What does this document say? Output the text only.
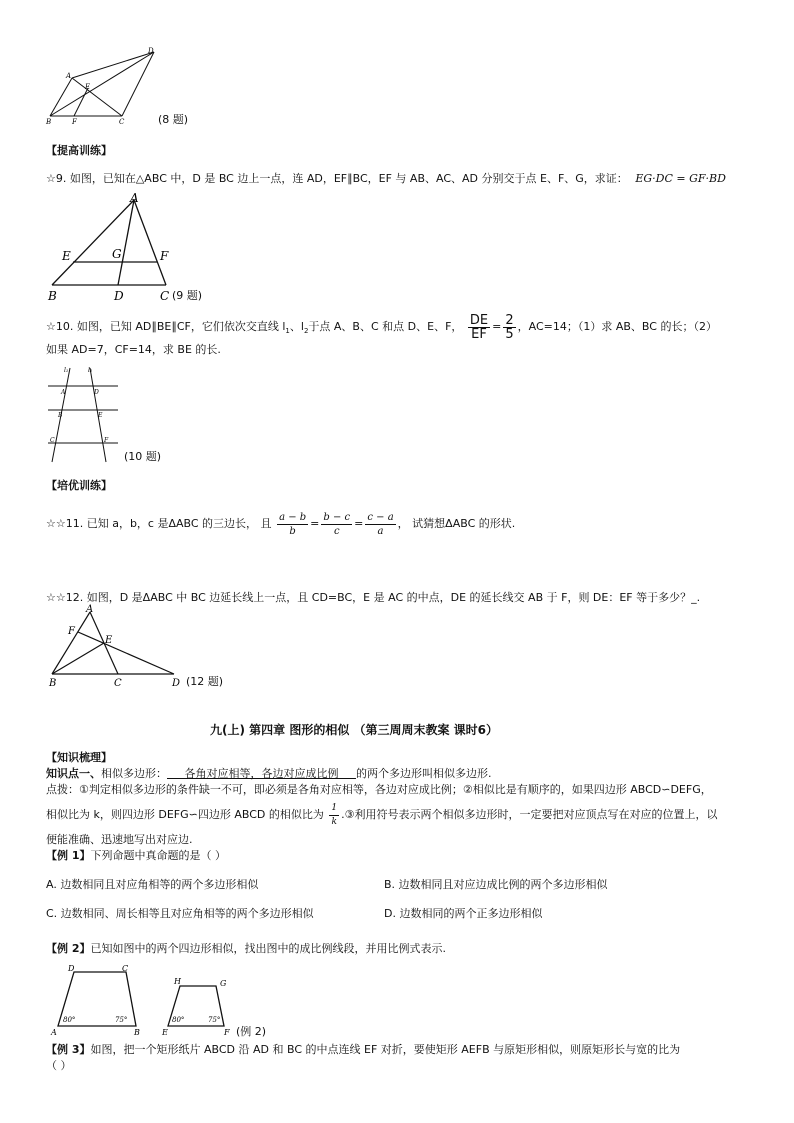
A
D
E
B	F	C	(8 题)
【提高训练】
☆9. 如图，已知在△ABC 中，D 是 BC 边上一点，连 AD，EF∥BC，EF 与 AB、AC、AD 分别交于点 E、F、G，求证： EG·DC = GF·BD
A
E	G	F
B	D	C (9 题)
☆10. 如图，已知 AD∥BE∥CF，它们依次交直线 $l_1$、$l_2$于点 A、B、C 和点 D、E、F， $\frac{DE}{EF} = \frac{2}{5}$ ，AC=14；（1）求 AB、BC 的长；（2）
如果 AD=7，CF=14，求 BE 的长.
l₁	l₂
A	D
B	E
C	F
(10 题)
【培优训练】
☆☆11. 已知 a，b，c 是ΔABC 的三边长， 且 $\frac{a - b}{b} = \frac{b - c}{c} = \frac{c - a}{a}$ ， 试猜想ΔABC 的形状.
☆☆12. 如图，D 是ΔABC 中 BC 边延长线上一点，且 CD=BC，E 是 AC 的中点，DE 的延长线交 AB 于 F，则 DE：EF 等于多少？_.
A
F
E
B	C	D (12 题)
九(上) 第四章 图形的相似 （第三周周末教案 课时6）
【知识梳理】
知识点一、相似多边形：     各角对应相等，各边对应成比例     的两个多边形叫相似多边形.
点拨：①判定相似多边形的条件缺一不可，即必须是各角对应相等，各边对应成比例；②相似比是有顺序的，如果四边形 ABCD∽DEFG，
相似比为 k，则四边形 DEFG∽四边形 ABCD 的相似比为 $\frac{1}{k}$ .③利用符号表示两个相似多边形时，一定要把对应顶点写在对应的位置上，以
便能准确、迅速地写出对应边.
【例 1】下列命题中真命题的是（ ）
A. 边数相同且对应角相等的两个多边形相似	B. 边数相同且对应边成比例的两个多边形相似
C. 边数相同、周长相等且对应角相等的两个多边形相似	D. 边数相同的两个正多边形相似
【例 2】已知如图中的两个四边形相似，找出图中的成比例线段，并用比例式表示.
D	C
A	B
80°	75°
H	G
E	F
80°	75°
(例 2)
【例 3】如图，把一个矩形纸片 ABCD 沿 AD 和 BC 的中点连线 EF 对折，要使矩形 AEFB 与原矩形相似，则原矩形长与宽的比为
（ ）
